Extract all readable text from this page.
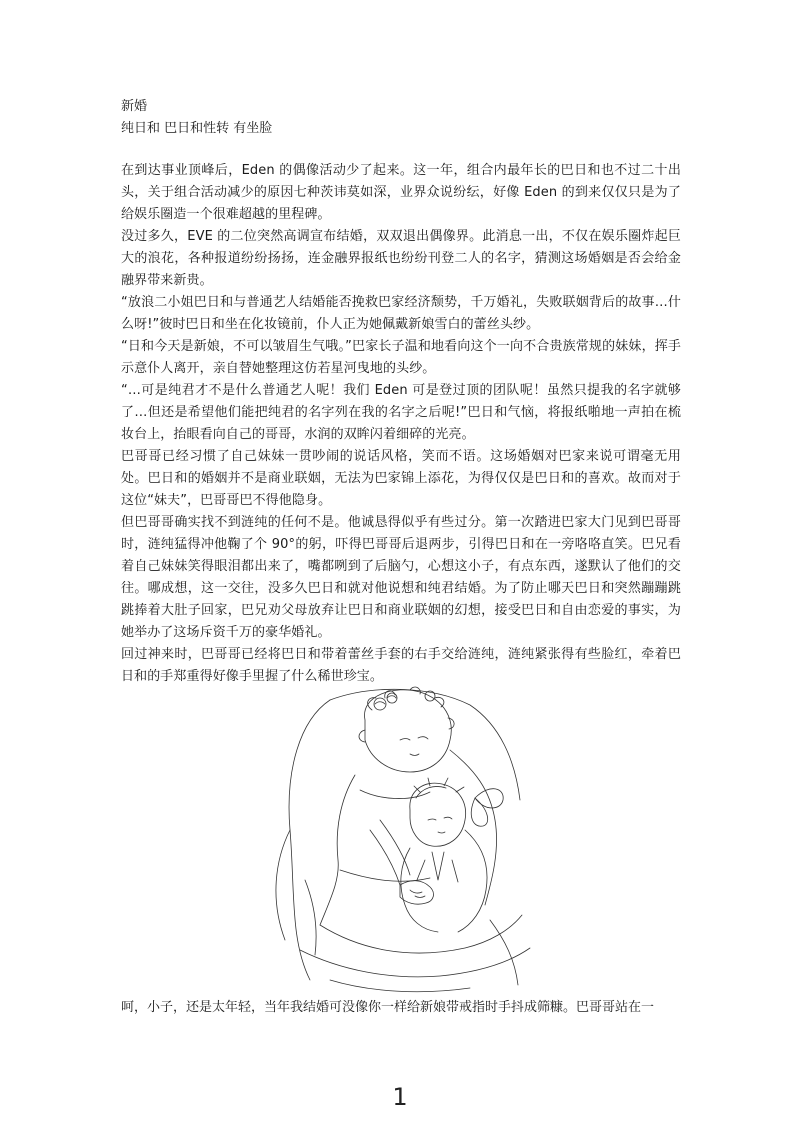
新婚
纯日和 巴日和性转 有坐脸

在到达事业顶峰后，Eden 的偶像活动少了起来。这一年，组合内最年长的巴日和也不过二十出头，关于组合活动减少的原因七种茨讳莫如深，业界众说纷纭，好像 Eden 的到来仅仅只是为了给娱乐圈造一个很难超越的里程碑。

没过多久，EVE 的二位突然高调宣布结婚，双双退出偶像界。此消息一出，不仅在娱乐圈炸起巨大的浪花，各种报道纷纷扬扬，连金融界报纸也纷纷刊登二人的名字，猜测这场婚姻是否会给金融界带来新贵。

“放浪二小姐巴日和与普通艺人结婚能否挽救巴家经济颓势，千万婚礼，失败联姻背后的故事…什么呀!”彼时巴日和坐在化妆镜前，仆人正为她佩戴新娘雪白的蕾丝头纱。

“日和今天是新娘，不可以皱眉生气哦。”巴家长子温和地看向这个一向不合贵族常规的妹妹，挥手示意仆人离开，亲自替她整理这仿若星河曳地的头纱。

“…可是纯君才不是什么普通艺人呢！我们 Eden 可是登过顶的团队呢！虽然只提我的名字就够了…但还是希望他们能把纯君的名字列在我的名字之后呢!”巴日和气恼，将报纸啪地一声拍在梳妆台上，抬眼看向自己的哥哥，水润的双眸闪着细碎的光亮。

巴哥哥已经习惯了自己妹妹一贯吵闹的说话风格，笑而不语。这场婚姻对巴家来说可谓毫无用处。巴日和的婚姻并不是商业联姻，无法为巴家锦上添花，为得仅仅是巴日和的喜欢。故而对于这位“妹夫”，巴哥哥巴不得他隐身。

但巴哥哥确实找不到涟纯的任何不是。他诚恳得似乎有些过分。第一次踏进巴家大门见到巴哥哥时，涟纯猛得冲他鞠了个 90°的躬，吓得巴哥哥后退两步，引得巴日和在一旁咯咯直笑。巴兄看着自己妹妹笑得眼泪都出来了，嘴都咧到了后脑勺，心想这小子，有点东西，遂默认了他们的交往。哪成想，这一交往，没多久巴日和就对他说想和纯君结婚。为了防止哪天巴日和突然蹦蹦跳跳捧着大肚子回家，巴兄劝父母放弃让巴日和商业联姻的幻想，接受巴日和自由恋爱的事实，为她举办了这场斥资千万的豪华婚礼。

回过神来时，巴哥哥已经将巴日和带着蕾丝手套的右手交给涟纯，涟纯紧张得有些脸红，牵着巴日和的手郑重得好像手里握了什么稀世珍宝。

呵，小子，还是太年轻，当年我结婚可没像你一样给新娘带戒指时手抖成筛糠。巴哥哥站在一
1
